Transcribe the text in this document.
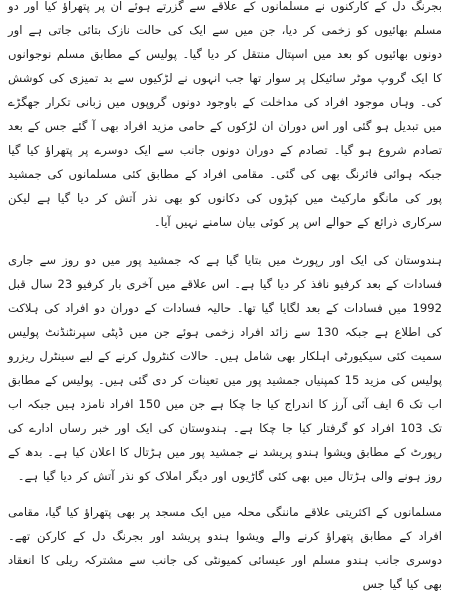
بجرنگ دل کے کارکنوں نے مسلمانوں کے علاقے سے گزرتے ہوئے ان پر پتھراؤ کیا اور دو مسلم بھائیوں کو زخمی کر دیا، جن میں سے ایک کی حالت نازک بتائی جاتی ہے اور دونوں بھائیوں کو بعد میں اسپتال منتقل کر دیا گیا۔ پولیس کے مطابق مسلم نوجوانوں کا ایک گروپ موٹر سائیکل پر سوار تھا جب انہوں نے لڑکیوں سے بد تمیزی کی کوشش کی۔ وہاں موجود افراد کی مداخلت کے باوجود دونوں گروپوں میں زبانی تکرار جھگڑے میں تبدیل ہو گئی اور اس دوران ان لڑکوں کے حامی مزید افراد بھی آ گئے جس کے بعد تصادم شروع ہو گیا۔ تصادم کے دوران دونوں جانب سے ایک دوسرے پر پتھراؤ کیا گیا جبکہ ہوائی فائرنگ بھی کی گئی۔ مقامی افراد کے مطابق کئی مسلمانوں کی جمشید پور کی مانگو مارکیٹ میں کپڑوں کی دکانوں کو بھی نذر آتش کر دیا گیا ہے لیکن سرکاری ذرائع کے حوالے اس پر کوئی بیان سامنے نہیں آیا۔

ہندوستان کی ایک اور رپورٹ میں بتایا گیا ہے کہ جمشید پور میں دو روز سے جاری فسادات کے بعد کرفیو نافذ کر دیا گیا ہے۔ اس علاقے میں آخری بار کرفیو 23 سال قبل 1992 میں فسادات کے بعد لگایا گیا تھا۔ حالیہ فسادات کے دوران دو افراد کی ہلاکت کی اطلاع ہے جبکہ 130 سے زائد افراد زخمی ہوئے جن میں ڈپٹی سپرنٹنڈنٹ پولیس سمیت کئی سیکیورٹی اہلکار بھی شامل ہیں۔ حالات کنٹرول کرنے کے لیے سینٹرل ریزرو پولیس کی مزید 15 کمپنیاں جمشید پور میں تعینات کر دی گئی ہیں۔ پولیس کے مطابق اب تک 6 ایف آئی آرز کا اندراج کیا جا چکا ہے جن میں 150 افراد نامزد ہیں جبکہ اب تک 103 افراد کو گرفتار کیا جا چکا ہے۔ ہندوستان کی ایک اور خبر رساں ادارے کی رپورٹ کے مطابق ویشوا ہندو پریشد نے جمشید پور میں ہڑتال کا اعلان کیا ہے۔ بدھ کے روز ہونے والی ہڑتال میں بھی کئی گاڑیوں اور دیگر املاک کو نذر آتش کر دیا گیا ہے۔

مسلمانوں کے اکثریتی علاقے ماننگی محلہ میں ایک مسجد پر بھی پتھراؤ کیا گیا، مقامی افراد کے مطابق پتھراؤ کرنے والے ویشوا ہندو پریشد اور بجرنگ دل کے کارکن تھے۔ دوسری جانب ہندو مسلم اور عیسائی کمیونٹی کی جانب سے مشترکہ ریلی کا انعقاد بھی کیا گیا جس
